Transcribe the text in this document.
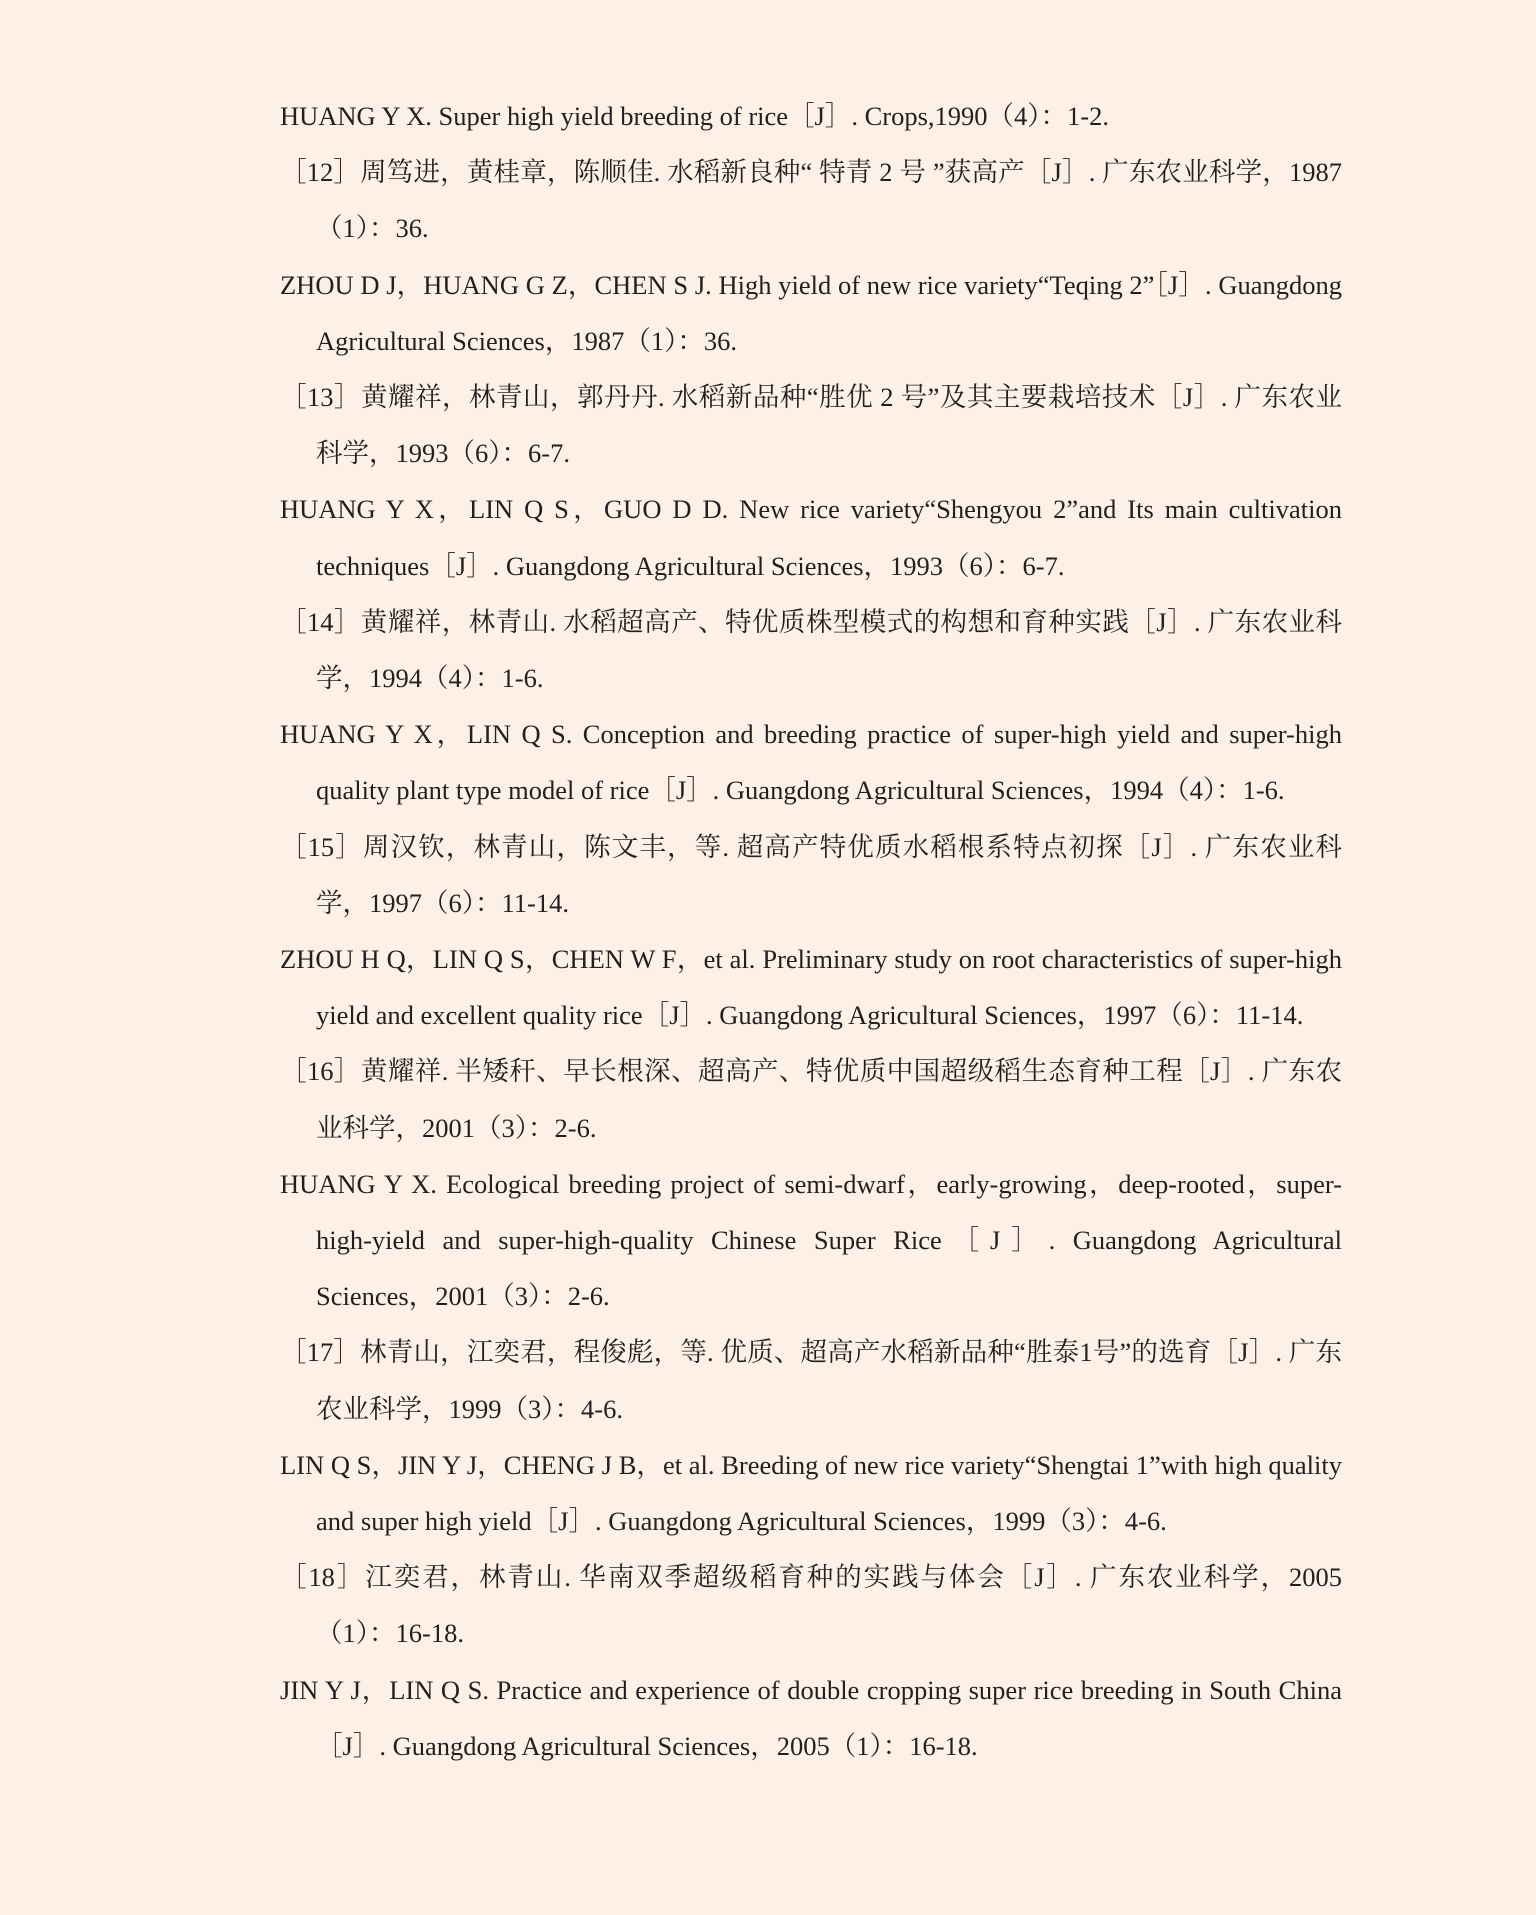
HUANG Y X. Super high yield breeding of rice［J］. Crops,1990（4）：1-2.

［12］周笃进，黄桂章，陈顺佳. 水稻新良种“ 特青 2 号 ”获高产［J］. 广东农业科学，1987（1）：36.

ZHOU D J，HUANG G Z，CHEN S J. High yield of new rice variety“Teqing 2”［J］. Guangdong Agricultural Sciences，1987（1）：36.

［13］黄耀祥，林青山，郭丹丹. 水稻新品种“胜优 2 号”及其主要栽培技术［J］. 广东农业科学，1993（6）：6-7.

HUANG Y X，LIN Q S，GUO D D. New rice variety“Shengyou 2”and Its main cultivation techniques［J］. Guangdong Agricultural Sciences，1993（6）：6-7.

［14］黄耀祥，林青山. 水稻超高产、特优质株型模式的构想和育种实践［J］. 广东农业科学，1994（4）：1-6.

HUANG Y X，LIN Q S. Conception and breeding practice of super-high yield and super-high quality plant type model of rice［J］. Guangdong Agricultural Sciences，1994（4）：1-6.

［15］周汉钦，林青山，陈文丰，等. 超高产特优质水稻根系特点初探［J］. 广东农业科学，1997（6）：11-14.

ZHOU H Q，LIN Q S，CHEN W F，et al. Preliminary study on root characteristics of super-high yield and excellent quality rice［J］. Guangdong Agricultural Sciences，1997（6）：11-14.

［16］黄耀祥. 半矮秆、早长根深、超高产、特优质中国超级稻生态育种工程［J］. 广东农业科学，2001（3）：2-6.

HUANG Y X. Ecological breeding project of semi-dwarf，early-growing，deep-rooted，super-high-yield and super-high-quality Chinese Super Rice［J］. Guangdong Agricultural Sciences，2001（3）：2-6.

［17］林青山，江奕君，程俊彪，等. 优质、超高产水稻新品种“胜泰1号”的选育［J］. 广东农业科学，1999（3）：4-6.

LIN Q S，JIN Y J，CHENG J B，et al. Breeding of new rice variety“Shengtai 1”with high quality and super high yield［J］. Guangdong Agricultural Sciences，1999（3）：4-6.

［18］江奕君，林青山. 华南双季超级稻育种的实践与体会［J］. 广东农业科学，2005（1）：16-18.

JIN Y J，LIN Q S. Practice and experience of double cropping super rice breeding in South China［J］. Guangdong Agricultural Sciences，2005（1）：16-18.
